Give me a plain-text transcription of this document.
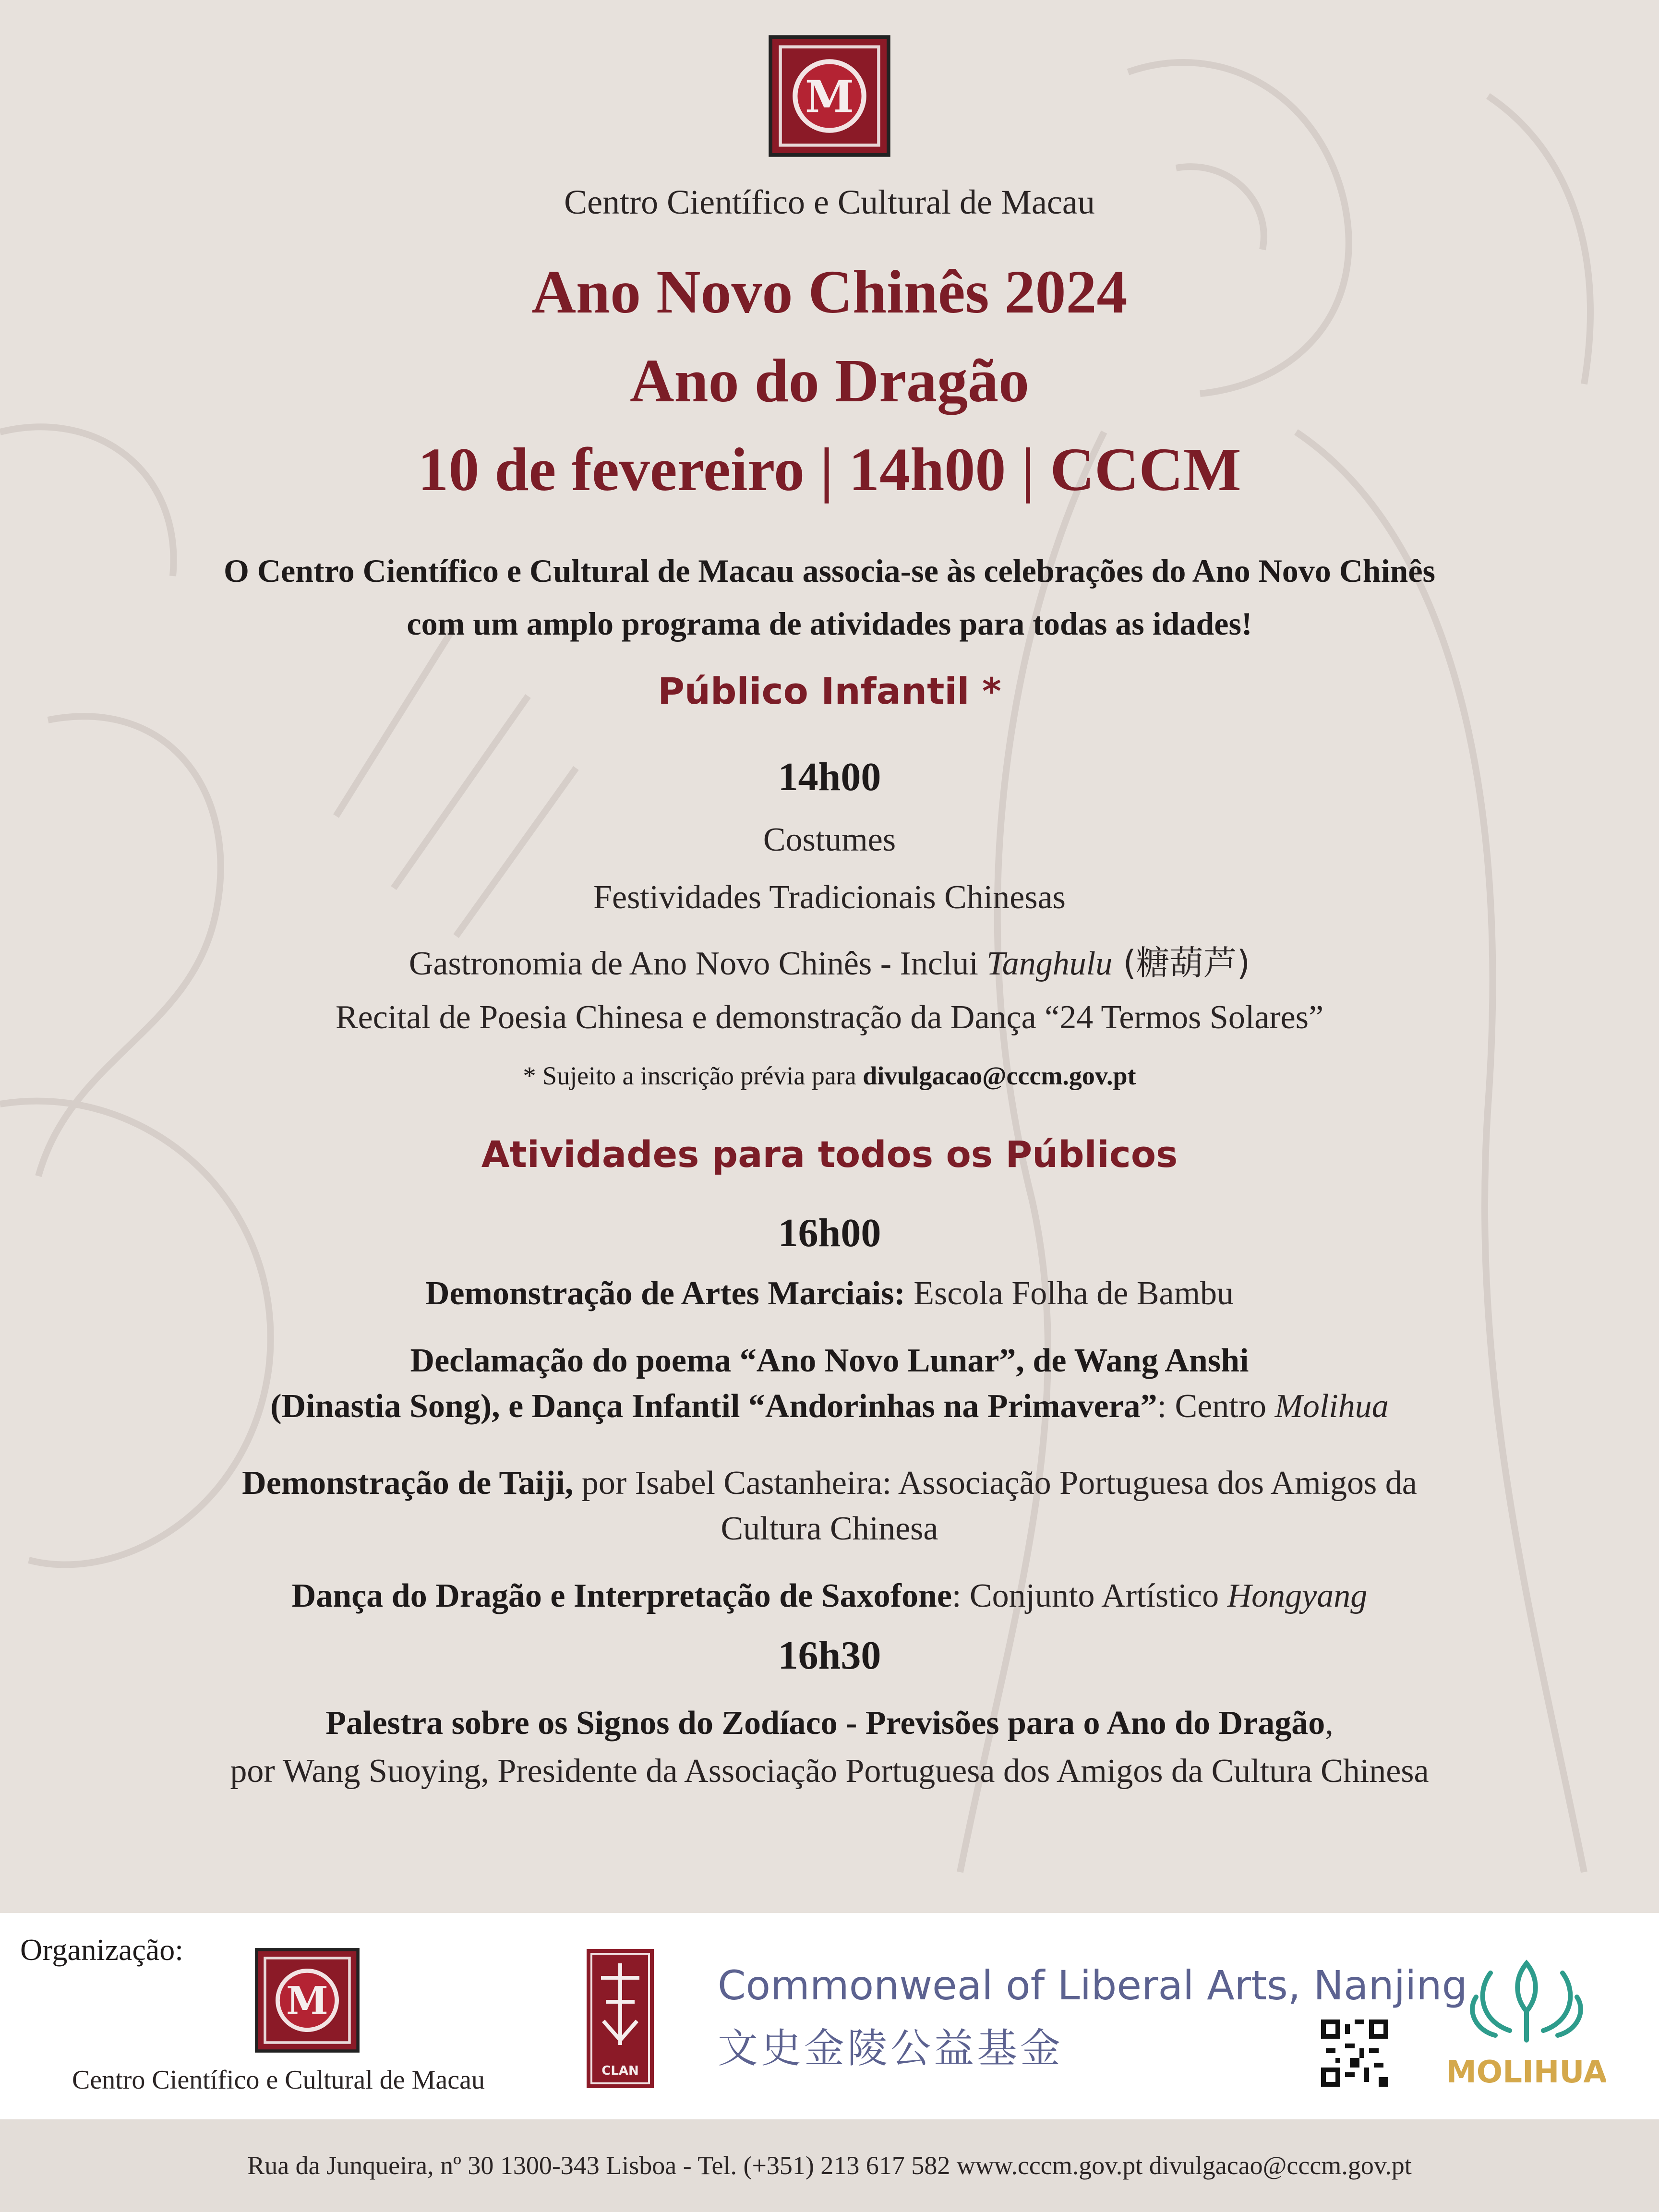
M
Centro Científico e Cultural de Macau
Ano Novo Chinês 2024
Ano do Dragão
10 de fevereiro | 14h00 | CCCM
O Centro Científico e Cultural de Macau associa-se às celebrações do Ano Novo Chinês
com um amplo programa de atividades para todas as idades!
Público Infantil *
14h00
Costumes
Festividades Tradicionais Chinesas
Gastronomia de Ano Novo Chinês - Inclui Tanghulu (糖葫芦)
Recital de Poesia Chinesa e demonstração da Dança “24 Termos Solares”
* Sujeito a inscrição prévia para divulgacao@cccm.gov.pt
Atividades para todos os Públicos
16h00
Demonstração de Artes Marciais: Escola Folha de Bambu
Declamação do poema “Ano Novo Lunar”, de Wang Anshi
(Dinastia Song), e Dança Infantil “Andorinhas na Primavera”: Centro Molihua
Demonstração de Taiji, por Isabel Castanheira: Associação Portuguesa dos Amigos da
Cultura Chinesa
Dança do Dragão e Interpretação de Saxofone: Conjunto Artístico Hongyang
16h30
Palestra sobre os Signos do Zodíaco - Previsões para o Ano do Dragão,
por Wang Suoying, Presidente da Associação Portuguesa dos Amigos da Cultura Chinesa
Organização:
M
Centro Científico e Cultural de Macau	CLAN
Commonweal of Liberal Arts, Nanjing
文史金陵公益基金
MOLIHUA
Rua da Junqueira, nº 30 1300-343 Lisboa - Tel. (+351) 213 617 582 www.cccm.gov.pt divulgacao@cccm.gov.pt
